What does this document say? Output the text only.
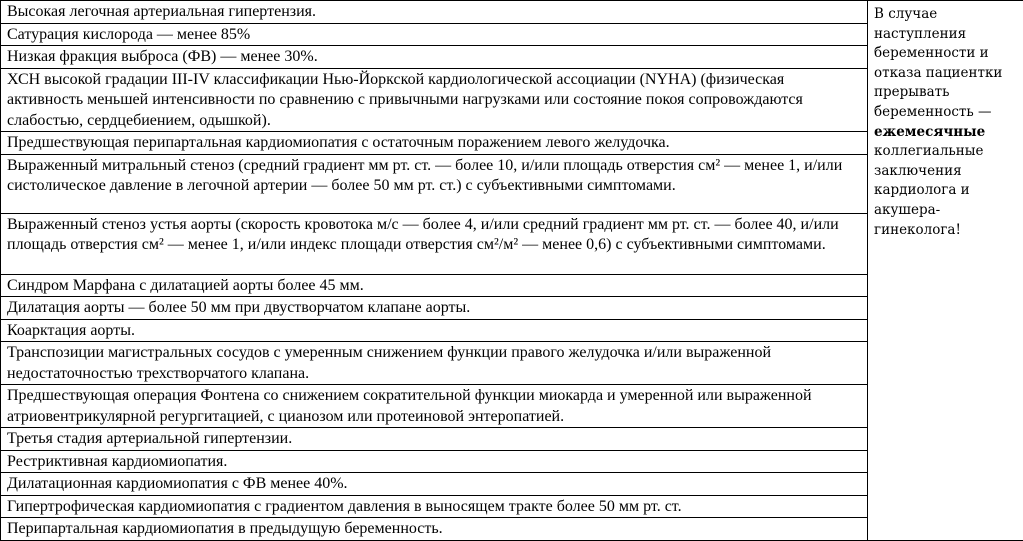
Высокая легочная артериальная гипертензия.	В случае наступления беременности и отказа пациентки прерывать беременность — ежемесячные коллегиальные заключения кардиолога и акушера-гинеколога!
Сатурация кислорода — менее 85%
Низкая фракция выброса (ФВ) — менее 30%.
ХСН высокой градации III-IV классификации Нью-Йоркской кардиологической ассоциации (NYHA) (физическая активность меньшей интенсивности по сравнению с привычными нагрузками или состояние покоя сопровождаются слабостью, сердцебиением, одышкой).
Предшествующая перипартальная кардиомиопатия с остаточным поражением левого желудочка.
Выраженный митральный стеноз (средний градиент мм рт. ст. — более 10, и/или площадь отверстия см² — менее 1, и/или систолическое давление в легочной артерии — более 50 мм рт. ст.) с субъективными симптомами.
Выраженный стеноз устья аорты (скорость кровотока м/с — более 4, и/или средний градиент мм рт. ст. — более 40, и/или площадь отверстия см² — менее 1, и/или индекс площади отверстия см²/м² — менее 0,6) с субъективными симптомами.
Синдром Марфана с дилатацией аорты более 45 мм.
Дилатация аорты — более 50 мм при двустворчатом клапане аорты.
Коарктация аорты.
Транспозиции магистральных сосудов с умеренным снижением функции правого желудочка и/или выраженной недостаточностью трехстворчатого клапана.
Предшествующая операция Фонтена со снижением сократительной функции миокарда и умеренной или выраженной атриовентрикулярной регургитацией, с цианозом или протеиновой энтеропатией.
Третья стадия артериальной гипертензии.
Рестриктивная кардиомиопатия.
Дилатационная кардиомиопатия с ФВ менее 40%.
Гипертрофическая кардиомиопатия с градиентом давления в выносящем тракте более 50 мм рт. ст.
Перипартальная кардиомиопатия в предыдущую беременность.
